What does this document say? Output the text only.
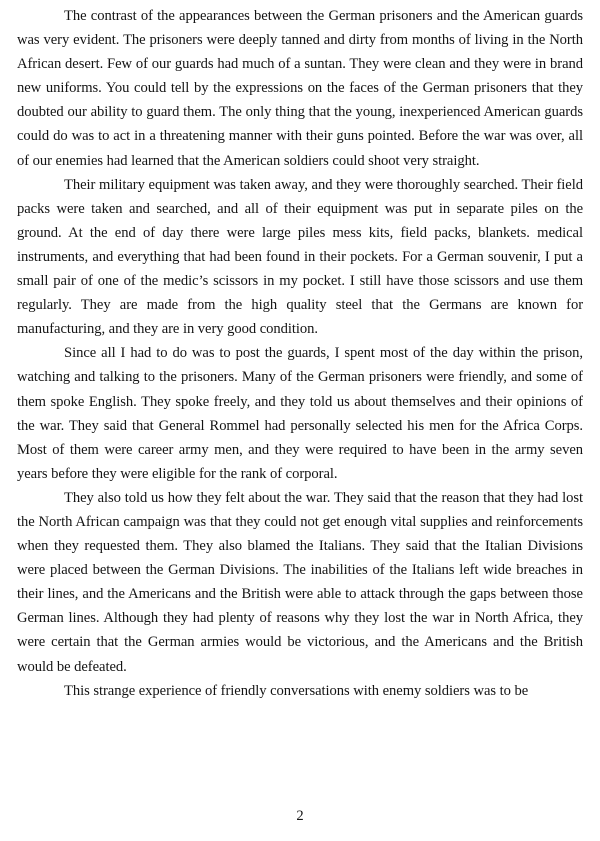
The contrast of the appearances between the German prisoners and the American guards was very evident. The prisoners were deeply tanned and dirty from months of living in the North African desert. Few of our guards had much of a suntan. They were clean and they were in brand new uniforms. You could tell by the expressions on the faces of the German prisoners that they doubted our ability to guard them. The only thing that the young, inexperienced American guards could do was to act in a threatening manner with their guns pointed. Before the war was over, all of our enemies had learned that the American soldiers could shoot very straight.

Their military equipment was taken away, and they were thoroughly searched. Their field packs were taken and searched, and all of their equipment was put in separate piles on the ground. At the end of day there were large piles mess kits, field packs, blankets. medical instruments, and everything that had been found in their pockets. For a German souvenir, I put a small pair of one of the medic’s scissors in my pocket. I still have those scissors and use them regularly. They are made from the high quality steel that the Germans are known for manufacturing, and they are in very good condition.

Since all I had to do was to post the guards, I spent most of the day within the prison, watching and talking to the prisoners. Many of the German prisoners were friendly, and some of them spoke English. They spoke freely, and they told us about themselves and their opinions of the war. They said that General Rommel had personally selected his men for the Africa Corps. Most of them were career army men, and they were required to have been in the army seven years before they were eligible for the rank of corporal.

They also told us how they felt about the war. They said that the reason that they had lost the North African campaign was that they could not get enough vital supplies and reinforcements when they requested them. They also blamed the Italians. They said that the Italian Divisions were placed between the German Divisions. The inabilities of the Italians left wide breaches in their lines, and the Americans and the British were able to attack through the gaps between those German lines. Although they had plenty of reasons why they lost the war in North Africa, they were certain that the German armies would be victorious, and the Americans and the British would be defeated.

This strange experience of friendly conversations with enemy soldiers was to be

2
